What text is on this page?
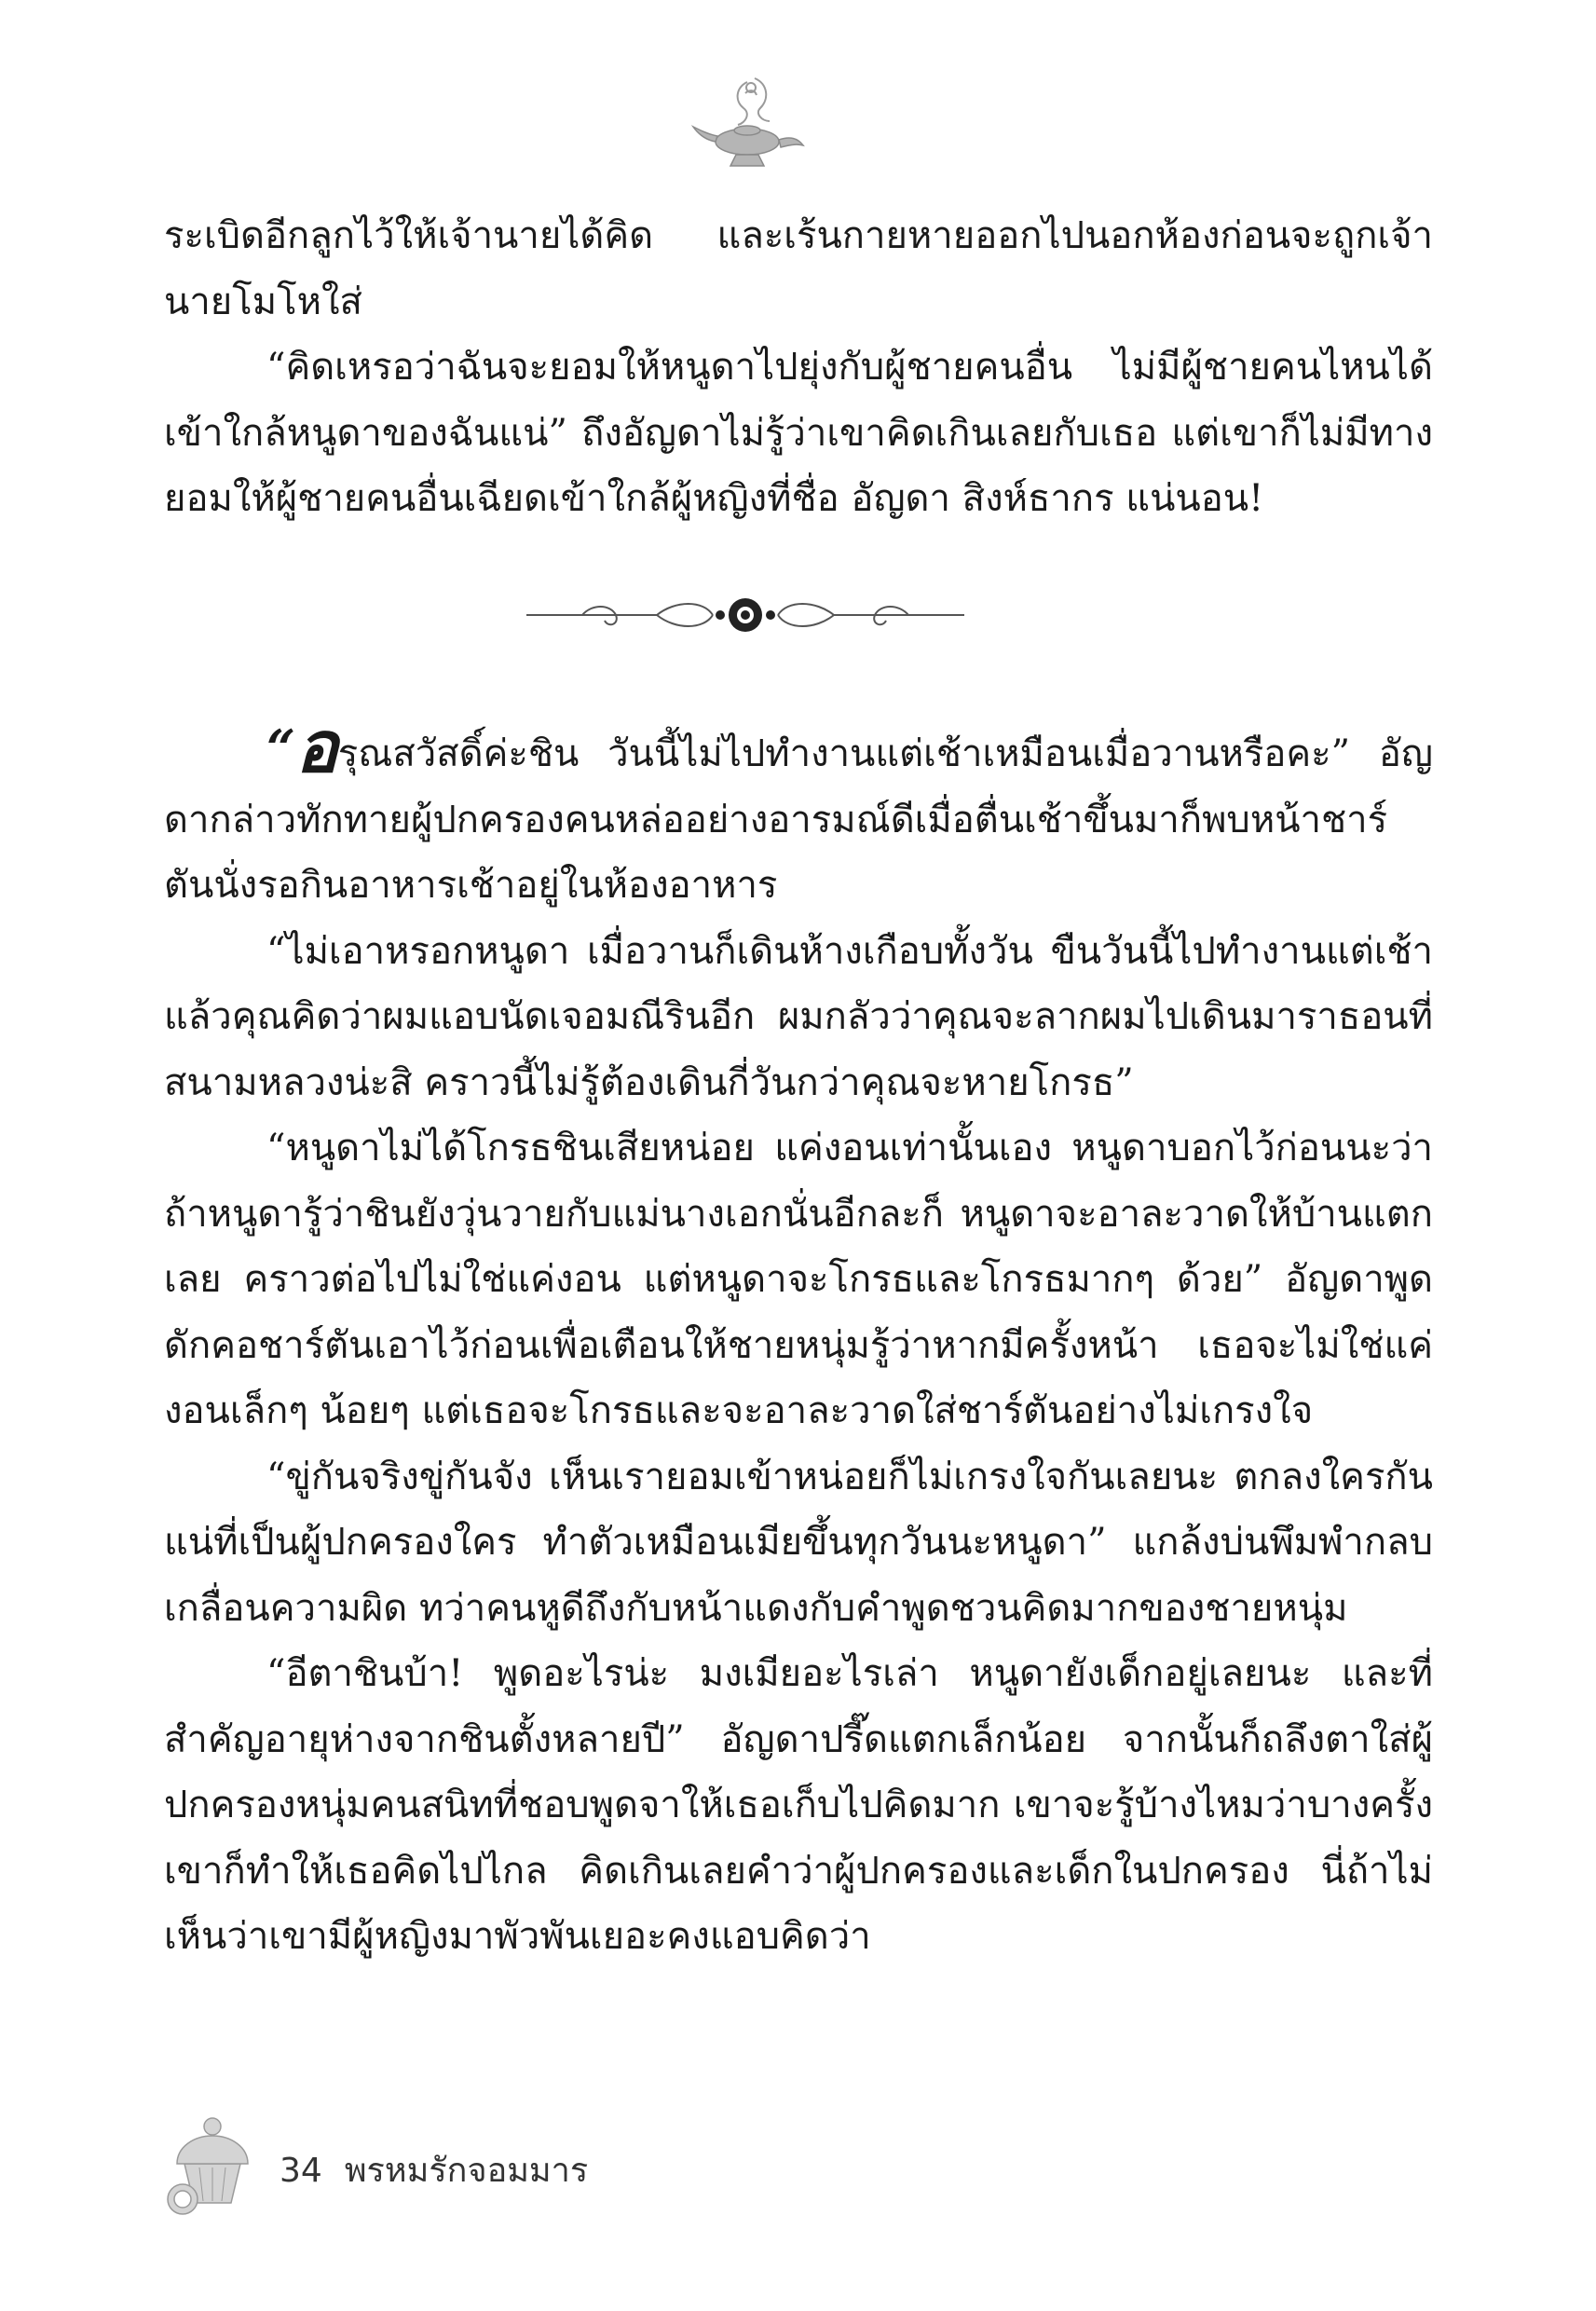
ระเบิดอีกลูกไว้ให้เจ้านายได้คิด และเร้นกายหายออกไปนอกห้องก่อนจะถูกเจ้านายโมโหใส่

“คิดเหรอว่าฉันจะยอมให้หนูดาไปยุ่งกับผู้ชายคนอื่น ไม่มีผู้ชายคนไหนได้เข้าใกล้หนูดาของฉันแน่” ถึงอัญดาไม่รู้ว่าเขาคิดเกินเลยกับเธอ แต่เขาก็ไม่มีทางยอมให้ผู้ชายคนอื่นเฉียดเข้าใกล้ผู้หญิงที่ชื่อ อัญดา สิงห์ธากร แน่นอน!

“อรุณสวัสดิ์ค่ะชิน วันนี้ไม่ไปทำงานแต่เช้าเหมือนเมื่อวานหรือคะ” อัญดากล่าวทักทายผู้ปกครองคนหล่ออย่างอารมณ์ดีเมื่อตื่นเช้าขึ้นมาก็พบหน้าชาร์ตันนั่งรอกินอาหารเช้าอยู่ในห้องอาหาร

“ไม่เอาหรอกหนูดา เมื่อวานก็เดินห้างเกือบทั้งวัน ขืนวันนี้ไปทำงานแต่เช้าแล้วคุณคิดว่าผมแอบนัดเจอมณีรินอีก ผมกลัวว่าคุณจะลากผมไปเดินมาราธอนที่สนามหลวงน่ะสิ คราวนี้ไม่รู้ต้องเดินกี่วันกว่าคุณจะหายโกรธ”

“หนูดาไม่ได้โกรธชินเสียหน่อย แค่งอนเท่านั้นเอง หนูดาบอกไว้ก่อนนะว่าถ้าหนูดารู้ว่าชินยังวุ่นวายกับแม่นางเอกนั่นอีกละก็ หนูดาจะอาละวาดให้บ้านแตกเลย คราวต่อไปไม่ใช่แค่งอน แต่หนูดาจะโกรธและโกรธมากๆ ด้วย” อัญดาพูดดักคอชาร์ตันเอาไว้ก่อนเพื่อเตือนให้ชายหนุ่มรู้ว่าหากมีครั้งหน้า เธอจะไม่ใช่แค่งอนเล็กๆ น้อยๆ แต่เธอจะโกรธและจะอาละวาดใส่ชาร์ตันอย่างไม่เกรงใจ

“ขู่กันจริงขู่กันจัง เห็นเรายอมเข้าหน่อยก็ไม่เกรงใจกันเลยนะ ตกลงใครกันแน่ที่เป็นผู้ปกครองใคร ทำตัวเหมือนเมียขึ้นทุกวันนะหนูดา” แกล้งบ่นพึมพำกลบเกลื่อนความผิด ทว่าคนหูดีถึงกับหน้าแดงกับคำพูดชวนคิดมากของชายหนุ่ม

“อีตาชินบ้า! พูดอะไรน่ะ มงเมียอะไรเล่า หนูดายังเด็กอยู่เลยนะ และที่สำคัญอายุห่างจากชินตั้งหลายปี” อัญดาปรี๊ดแตกเล็กน้อย จากนั้นก็ถลึงตาใส่ผู้ปกครองหนุ่มคนสนิทที่ชอบพูดจาให้เธอเก็บไปคิดมาก เขาจะรู้บ้างไหมว่าบางครั้งเขาก็ทำให้เธอคิดไปไกล คิดเกินเลยคำว่าผู้ปกครองและเด็กในปกครอง นี่ถ้าไม่เห็นว่าเขามีผู้หญิงมาพัวพันเยอะคงแอบคิดว่า

34 พรหมรักจอมมาร
